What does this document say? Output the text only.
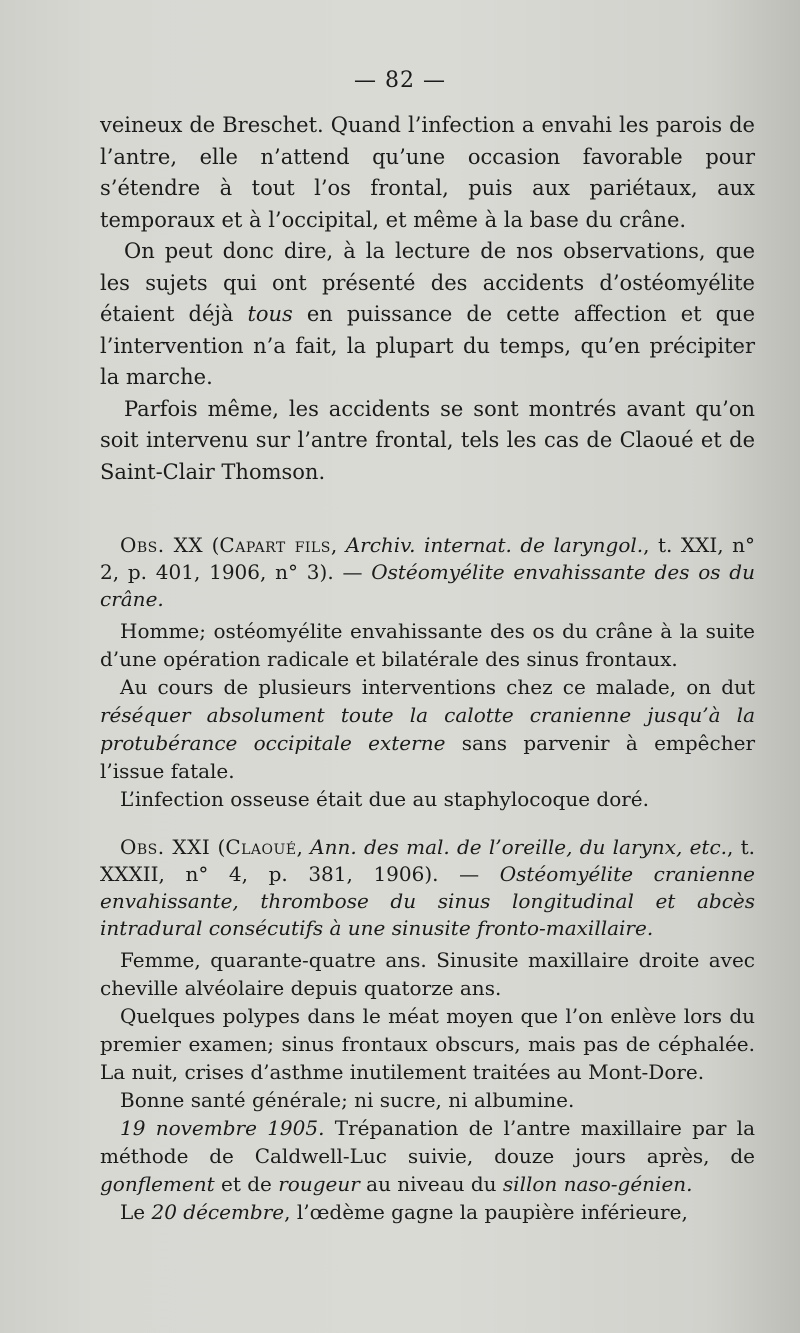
— 82 —

veineux de Breschet. Quand l’infection a envahi les parois de l’antre, elle n’attend qu’une occasion favorable pour s’étendre à tout l’os frontal, puis aux pariétaux, aux temporaux et à l’occipital, et même à la base du crâne.

On peut donc dire, à la lecture de nos observations, que les sujets qui ont présenté des accidents d’ostéomyélite étaient déjà tous en puissance de cette affection et que l’intervention n’a fait, la plupart du temps, qu’en précipiter la marche.

Parfois même, les accidents se sont montrés avant qu’on soit intervenu sur l’antre frontal, tels les cas de Claoué et de Saint-Clair Thomson.

Obs. XX (Capart fils, Archiv. internat. de laryngol., t. XXI, n° 2, p. 401, 1906, n° 3). — Ostéomyélite envahissante des os du crâne.

Homme; ostéomyélite envahissante des os du crâne à la suite d’une opération radicale et bilatérale des sinus frontaux.

Au cours de plusieurs interventions chez ce malade, on dut réséquer absolument toute la calotte cranienne jusqu’à la protubérance occipitale externe sans parvenir à empêcher l’issue fatale.

L’infection osseuse était due au staphylocoque doré.

Obs. XXI (Claoué, Ann. des mal. de l’oreille, du larynx, etc., t. XXXII, n° 4, p. 381, 1906). — Ostéomyélite cranienne envahissante, thrombose du sinus longitudinal et abcès intradural consécutifs à une sinusite fronto-maxillaire.

Femme, quarante-quatre ans. Sinusite maxillaire droite avec cheville alvéolaire depuis quatorze ans.

Quelques polypes dans le méat moyen que l’on enlève lors du premier examen; sinus frontaux obscurs, mais pas de céphalée. La nuit, crises d’asthme inutilement traitées au Mont-Dore.

Bonne santé générale; ni sucre, ni albumine.

19 novembre 1905. Trépanation de l’antre maxillaire par la méthode de Caldwell-Luc suivie, douze jours après, de gonflement et de rougeur au niveau du sillon naso-génien.

Le 20 décembre, l’œdème gagne la paupière inférieure,
